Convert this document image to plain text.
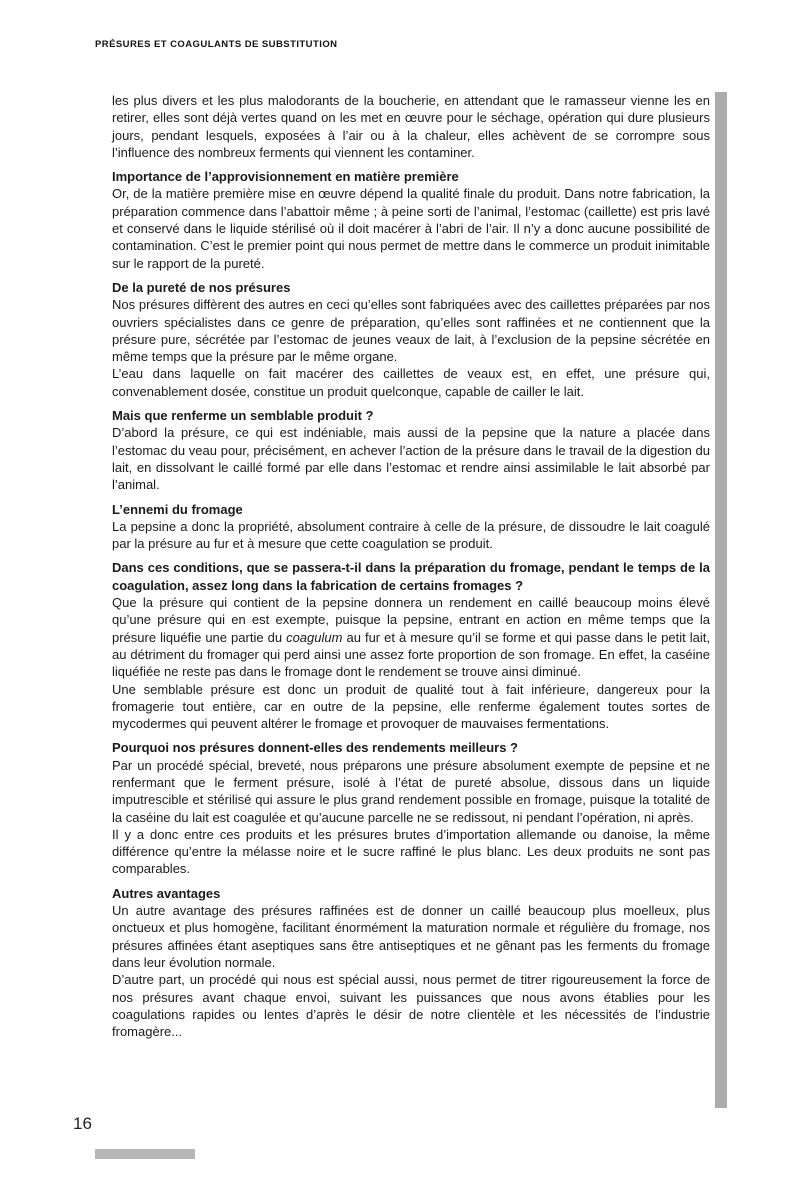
PRÉSURES ET COAGULANTS DE SUBSTITUTION

les plus divers et les plus malodorants de la boucherie, en attendant que le ramasseur vienne les en retirer, elles sont déjà vertes quand on les met en œuvre pour le séchage, opération qui dure plusieurs jours, pendant lesquels, exposées à l’air ou à la chaleur, elles achèvent de se corrompre sous l’influence des nombreux ferments qui viennent les contaminer.

Importance de l’approvisionnement en matière première

Or, de la matière première mise en œuvre dépend la qualité finale du produit. Dans notre fabrication, la préparation commence dans l’abattoir même ; à peine sorti de l’animal, l’estomac (caillette) est pris lavé et conservé dans le liquide stérilisé où il doit macérer à l’abri de l’air. Il n’y a donc aucune possibilité de contamination. C’est le premier point qui nous permet de mettre dans le commerce un produit inimitable sur le rapport de la pureté.

De la pureté de nos présures

Nos présures diffèrent des autres en ceci qu’elles sont fabriquées avec des caillettes préparées par nos ouvriers spécialistes dans ce genre de préparation, qu’elles sont raffinées et ne contiennent que la présure pure, sécrétée par l’estomac de jeunes veaux de lait, à l’exclusion de la pepsine sécrétée en même temps que la présure par le même organe.

L’eau dans laquelle on fait macérer des caillettes de veaux est, en effet, une présure qui, convenablement dosée, constitue un produit quelconque, capable de cailler le lait.

Mais que renferme un semblable produit ?

D’abord la présure, ce qui est indéniable, mais aussi de la pepsine que la nature a placée dans l’estomac du veau pour, précisément, en achever l’action de la présure dans le travail de la digestion du lait, en dissolvant le caillé formé par elle dans l’estomac et rendre ainsi assimilable le lait absorbé par l’animal.

L’ennemi du fromage

La pepsine a donc la propriété, absolument contraire à celle de la présure, de dissoudre le lait coagulé par la présure au fur et à mesure que cette coagulation se produit.

Dans ces conditions, que se passera-t-il dans la préparation du fromage, pendant le temps de la coagulation, assez long dans la fabrication de certains fromages ?

Que la présure qui contient de la pepsine donnera un rendement en caillé beaucoup moins élevé qu’une présure qui en est exempte, puisque la pepsine, entrant en action en même temps que la présure liquéfie une partie du coagulum au fur et à mesure qu’il se forme et qui passe dans le petit lait, au détriment du fromager qui perd ainsi une assez forte proportion de son fromage. En effet, la caséine liquéfiée ne reste pas dans le fromage dont le rendement se trouve ainsi diminué.

Une semblable présure est donc un produit de qualité tout à fait inférieure, dangereux pour la fromagerie tout entière, car en outre de la pepsine, elle renferme également toutes sortes de mycodermes qui peuvent altérer le fromage et provoquer de mauvaises fermentations.

Pourquoi nos présures donnent-elles des rendements meilleurs ?

Par un procédé spécial, breveté, nous préparons une présure absolument exempte de pepsine et ne renfermant que le ferment présure, isolé à l’état de pureté absolue, dissous dans un liquide imputrescible et stérilisé qui assure le plus grand rendement possible en fromage, puisque la totalité de la caséine du lait est coagulée et qu’aucune parcelle ne se redissout, ni pendant l’opération, ni après.

Il y a donc entre ces produits et les présures brutes d’importation allemande ou danoise, la même différence qu’entre la mélasse noire et le sucre raffiné le plus blanc. Les deux produits ne sont pas comparables.

Autres avantages

Un autre avantage des présures raffinées est de donner un caillé beaucoup plus moelleux, plus onctueux et plus homogène, facilitant énormément la maturation normale et régulière du fromage, nos présures affinées étant aseptiques sans être antiseptiques et ne gênant pas les ferments du fromage dans leur évolution normale.

D’autre part, un procédé qui nous est spécial aussi, nous permet de titrer rigoureusement la force de nos présures avant chaque envoi, suivant les puissances que nous avons établies pour les coagulations rapides ou lentes d’après le désir de notre clientèle et les nécessités de l’industrie fromagère...

16
